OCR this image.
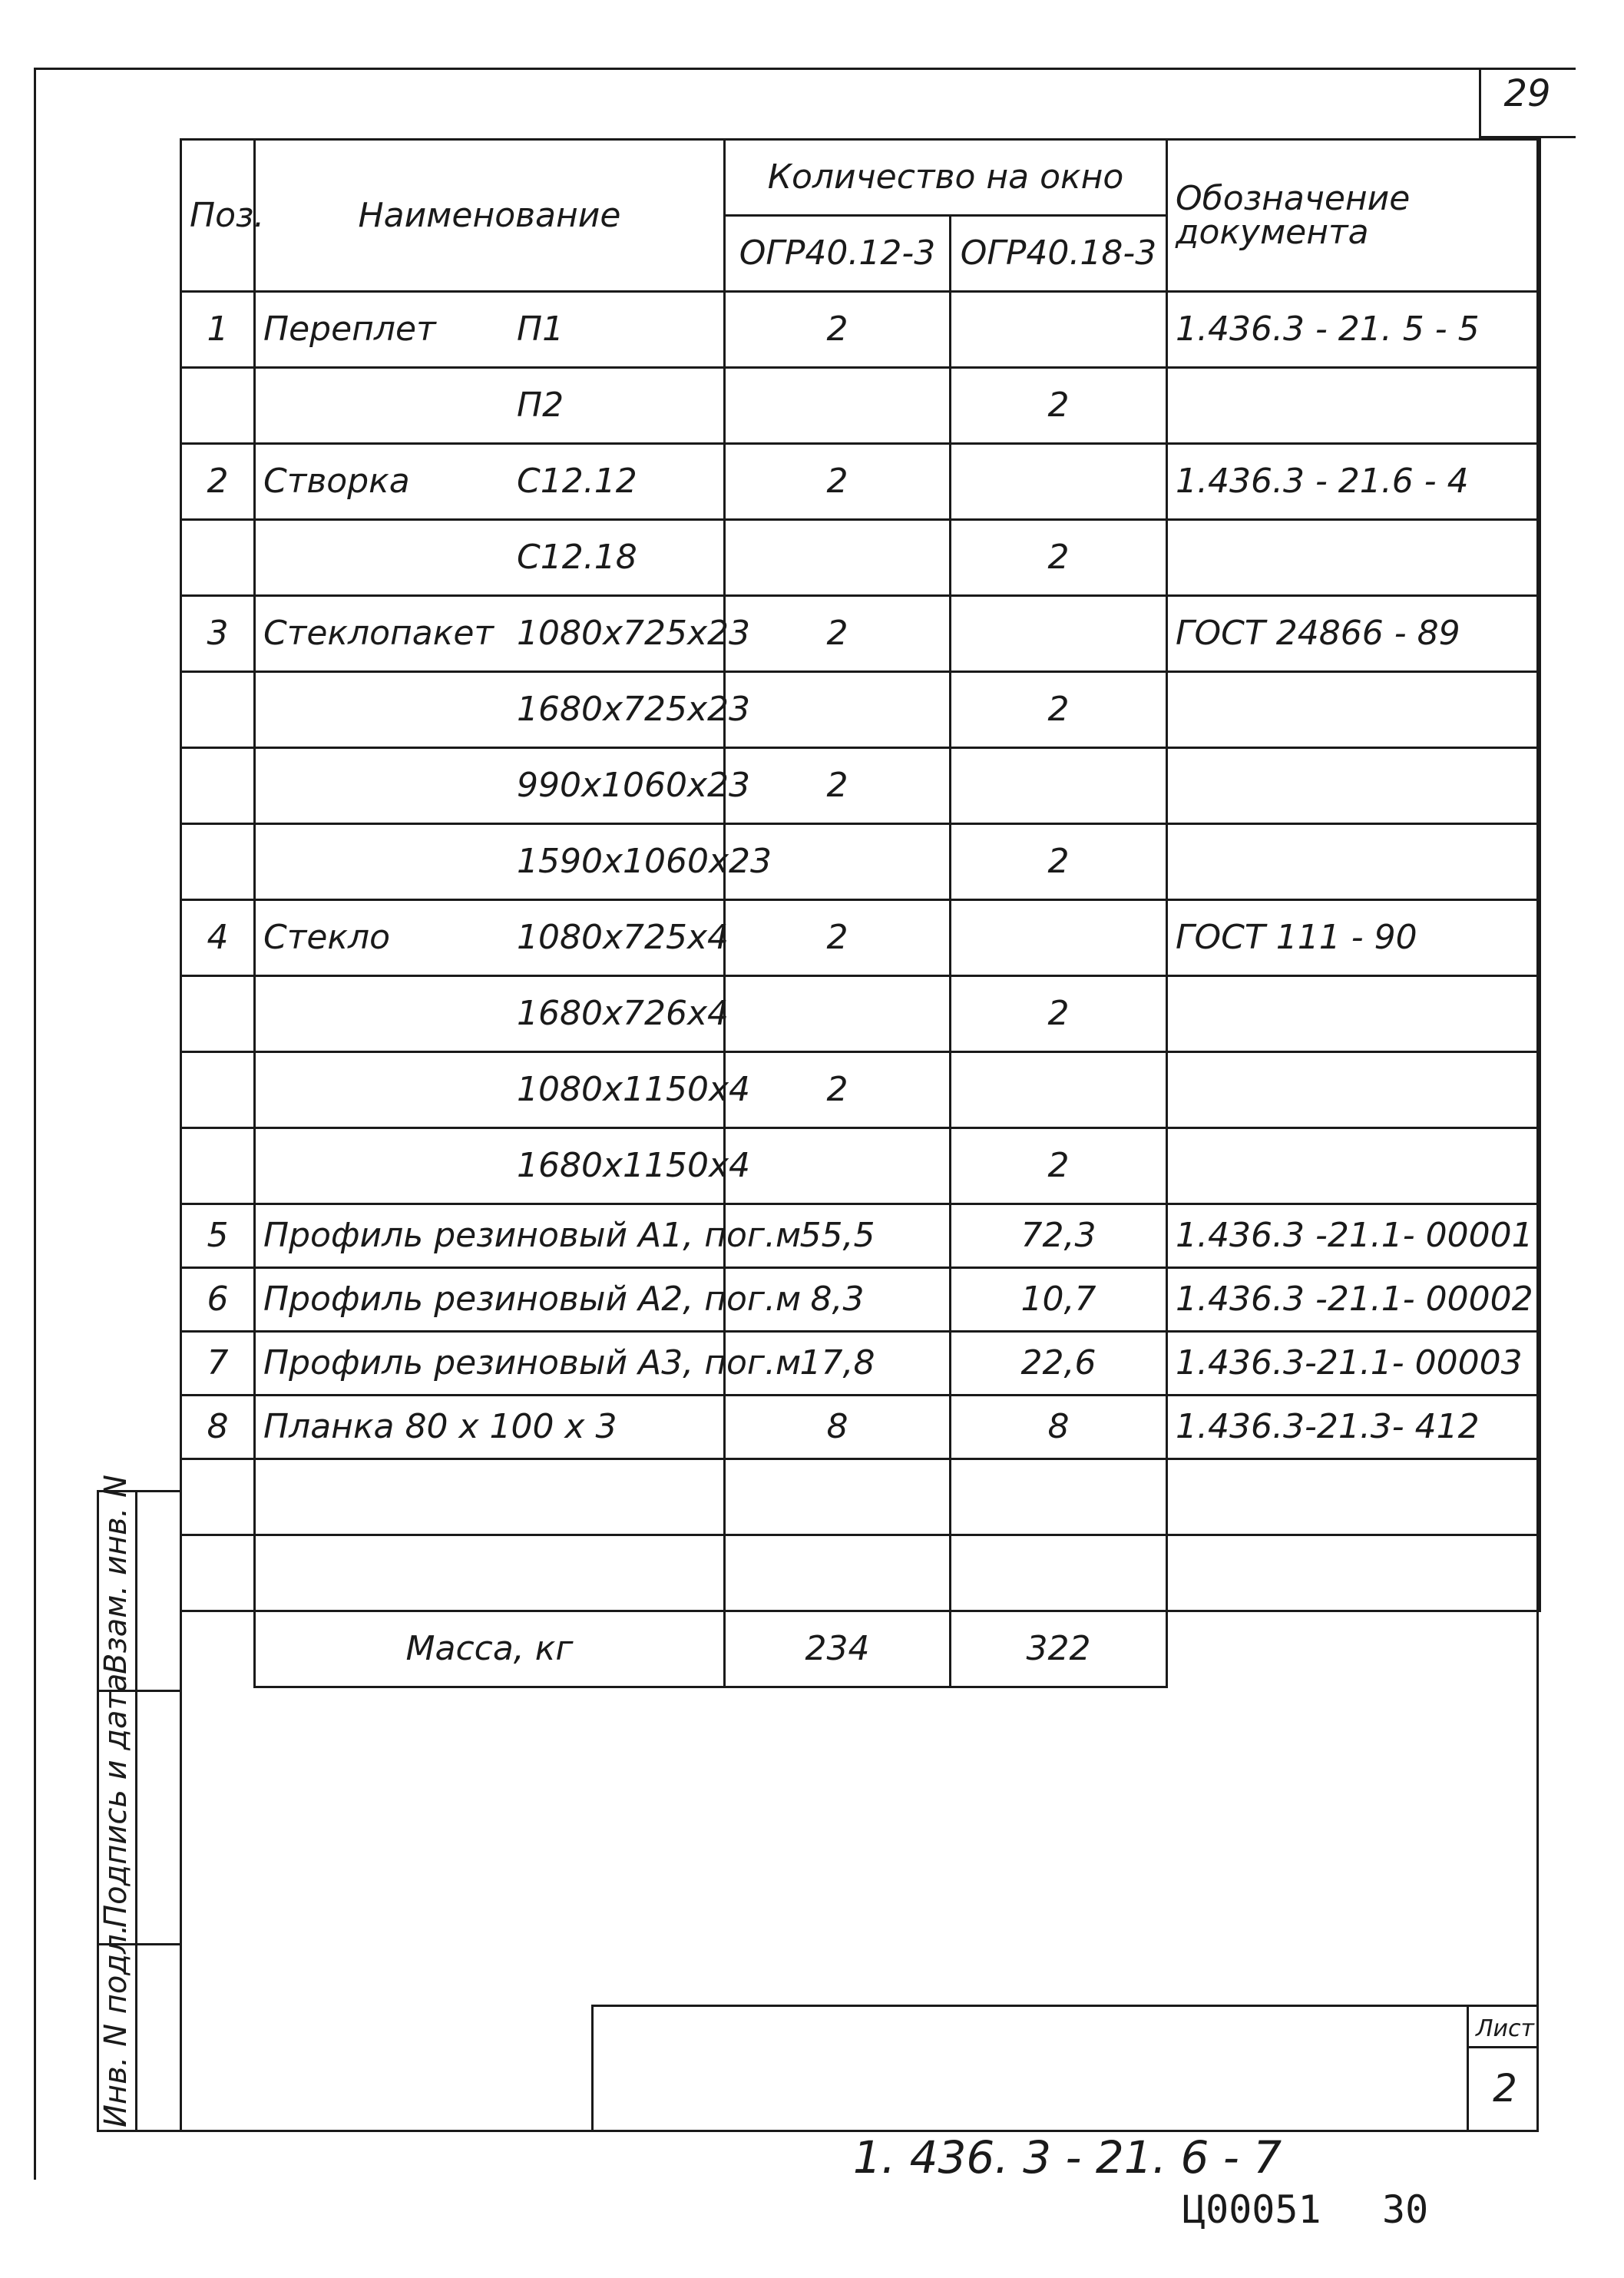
29
Поз.	Наименование	Количество на окно		Обозначение документа
		ОГР40.12-3	ОГР40.18-3	
1	Переплет П1	2		1.436.3 - 21. 5 - 5
	П2		2	
2	Створка С12.12	2		1.436.3 - 21.6 - 4
	С12.18		2	
3	Стеклопакет 1080х725х23	2		ГОСТ 24866 - 89
	1680х725х23		2	
	990х1060х23	2		
	1590х1060х23		2	
4	Стекло 1080х725х4	2		ГОСТ 111 - 90
	1680х726х4		2	
	1080х1150х4	2		
	1680х1150х4		2	
5	Профиль резиновый А1, пог.м	55,5	72,3	1.436.3 -21.1- 00001
6	Профиль резиновый А2, пог.м	8,3	10,7	1.436.3 -21.1- 00002
7	Профиль резиновый А3, пог.м	17,8	22,6	1.436.3-21.1- 00003
8	Планка 80 х 100 х 3	8	8	1.436.3-21.3- 412

	Масса, кг	234	322	
Взам. инв. N
Подпись и дата
Инв. N подл.
1. 436. 3 - 21. 6 - 7
Лист
2
Ц00051 30
